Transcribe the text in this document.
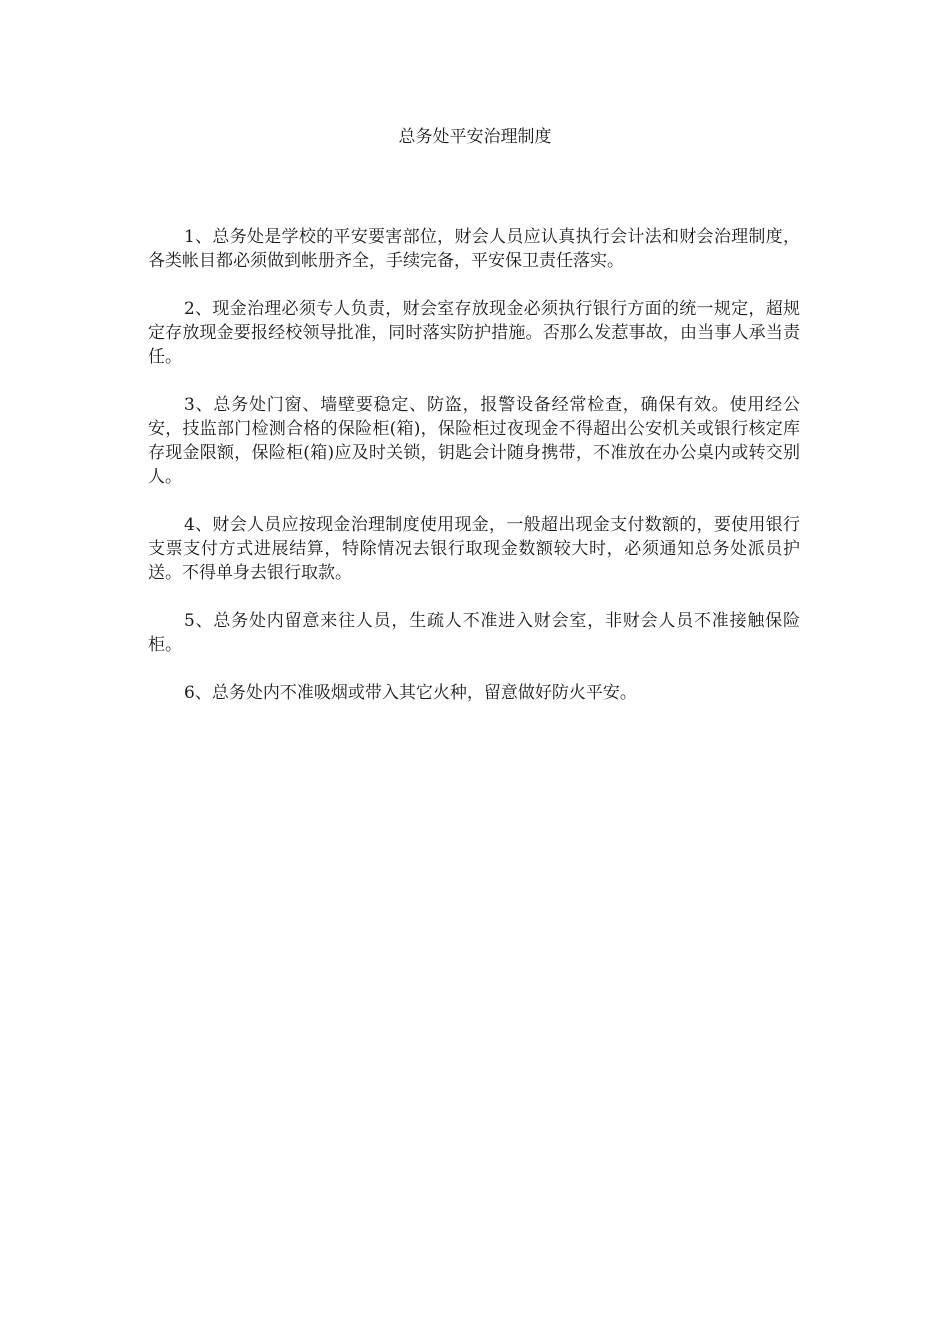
总务处平安治理制度

1、总务处是学校的平安要害部位，财会人员应认真执行会计法和财会治理制度，各类帐目都必须做到帐册齐全，手续完备，平安保卫责任落实。

2、现金治理必须专人负责，财会室存放现金必须执行银行方面的统一规定，超规定存放现金要报经校领导批准，同时落实防护措施。否那么发惹事故，由当事人承当责任。

3、总务处门窗、墙壁要稳定、防盗，报警设备经常检查，确保有效。使用经公安，技监部门检测合格的保险柜(箱)，保险柜过夜现金不得超出公安机关或银行核定库存现金限额，保险柜(箱)应及时关锁，钥匙会计随身携带，不准放在办公桌内或转交别人。

4、财会人员应按现金治理制度使用现金，一般超出现金支付数额的，要使用银行支票支付方式进展结算，特除情况去银行取现金数额较大时，必须通知总务处派员护送。不得单身去银行取款。

5、总务处内留意来往人员，生疏人不准进入财会室，非财会人员不准接触保险柜。

6、总务处内不准吸烟或带入其它火种，留意做好防火平安。
